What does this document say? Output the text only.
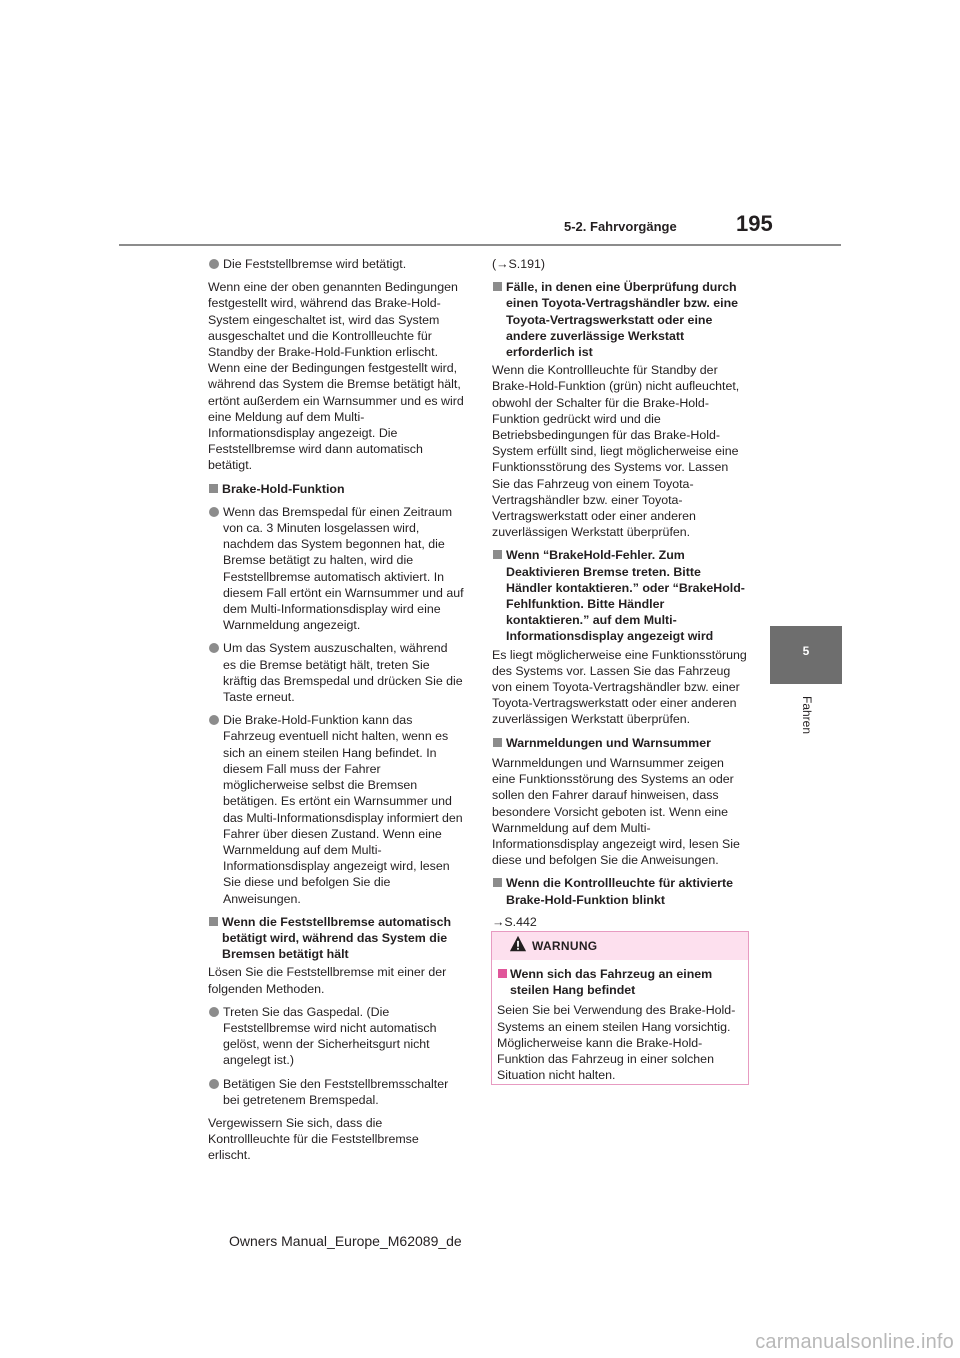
5-2. Fahrvorgänge	195
Die Feststellbremse wird betätigt.
Wenn eine der oben genannten Bedingungen festgestellt wird, während das Brake-Hold-System eingeschaltet ist, wird das System ausgeschaltet und die Kontrollleuchte für Standby der Brake-Hold-Funktion erlischt. Wenn eine der Bedingungen festgestellt wird, während das System die Bremse betätigt hält, ertönt außerdem ein Warnsummer und es wird eine Meldung auf dem Multi-Informationsdisplay angezeigt. Die Feststellbremse wird dann automatisch betätigt.
Brake-Hold-Funktion
Wenn das Bremspedal für einen Zeitraum von ca. 3 Minuten losgelassen wird, nachdem das System begonnen hat, die Bremse betätigt zu halten, wird die Feststellbremse automatisch aktiviert. In diesem Fall ertönt ein Warnsummer und auf dem Multi-Informationsdisplay wird eine Warnmeldung angezeigt.
Um das System auszuschalten, während es die Bremse betätigt hält, treten Sie kräftig das Bremspedal und drücken Sie die Taste erneut.
Die Brake-Hold-Funktion kann das Fahrzeug eventuell nicht halten, wenn es sich an einem steilen Hang befindet. In diesem Fall muss der Fahrer möglicherweise selbst die Bremsen betätigen. Es ertönt ein Warnsummer und das Multi-Informationsdisplay informiert den Fahrer über diesen Zustand. Wenn eine Warnmeldung auf dem Multi-Informationsdisplay angezeigt wird, lesen Sie diese und befolgen Sie die Anweisungen.
Wenn die Feststellbremse automatisch betätigt wird, während das System die Bremsen betätigt hält
Lösen Sie die Feststellbremse mit einer der folgenden Methoden.
Treten Sie das Gaspedal. (Die Feststellbremse wird nicht automatisch gelöst, wenn der Sicherheitsgurt nicht angelegt ist.)
Betätigen Sie den Feststellbremsschalter bei getretenem Bremspedal.
Vergewissern Sie sich, dass die Kontrollleuchte für die Feststellbremse erlischt.
(→S.191)
Fälle, in denen eine Überprüfung durch einen Toyota-Vertragshändler bzw. eine Toyota-Vertragswerkstatt oder eine andere zuverlässige Werkstatt erforderlich ist
Wenn die Kontrollleuchte für Standby der Brake-Hold-Funktion (grün) nicht aufleuchtet, obwohl der Schalter für die Brake-Hold-Funktion gedrückt wird und die Betriebsbedingungen für das Brake-Hold-System erfüllt sind, liegt möglicherweise eine Funktionsstörung des Systems vor. Lassen Sie das Fahrzeug von einem Toyota-Vertragshändler bzw. einer Toyota-Vertragswerkstatt oder einer anderen zuverlässigen Werkstatt überprüfen.
Wenn “BrakeHold-Fehler. Zum Deaktivieren Bremse treten. Bitte Händler kontaktieren.” oder “BrakeHold-Fehlfunktion. Bitte Händler kontaktieren.” auf dem Multi-Informationsdisplay angezeigt wird
Es liegt möglicherweise eine Funktionsstörung des Systems vor. Lassen Sie das Fahrzeug von einem Toyota-Vertragshändler bzw. einer Toyota-Vertragswerkstatt oder einer anderen zuverlässigen Werkstatt überprüfen.
Warnmeldungen und Warnsummer
Warnmeldungen und Warnsummer zeigen eine Funktionsstörung des Systems an oder sollen den Fahrer darauf hinweisen, dass besondere Vorsicht geboten ist. Wenn eine Warnmeldung auf dem Multi-Informationsdisplay angezeigt wird, lesen Sie diese und befolgen Sie die Anweisungen.
Wenn die Kontrollleuchte für aktivierte Brake-Hold-Funktion blinkt
→S.442
WARNUNG
Wenn sich das Fahrzeug an einem steilen Hang befindet
Seien Sie bei Verwendung des Brake-Hold-Systems an einem steilen Hang vorsichtig. Möglicherweise kann die Brake-Hold-Funktion das Fahrzeug in einer solchen Situation nicht halten.
5
Fahren
Owners Manual_Europe_M62089_de
carmanualsonline.info
